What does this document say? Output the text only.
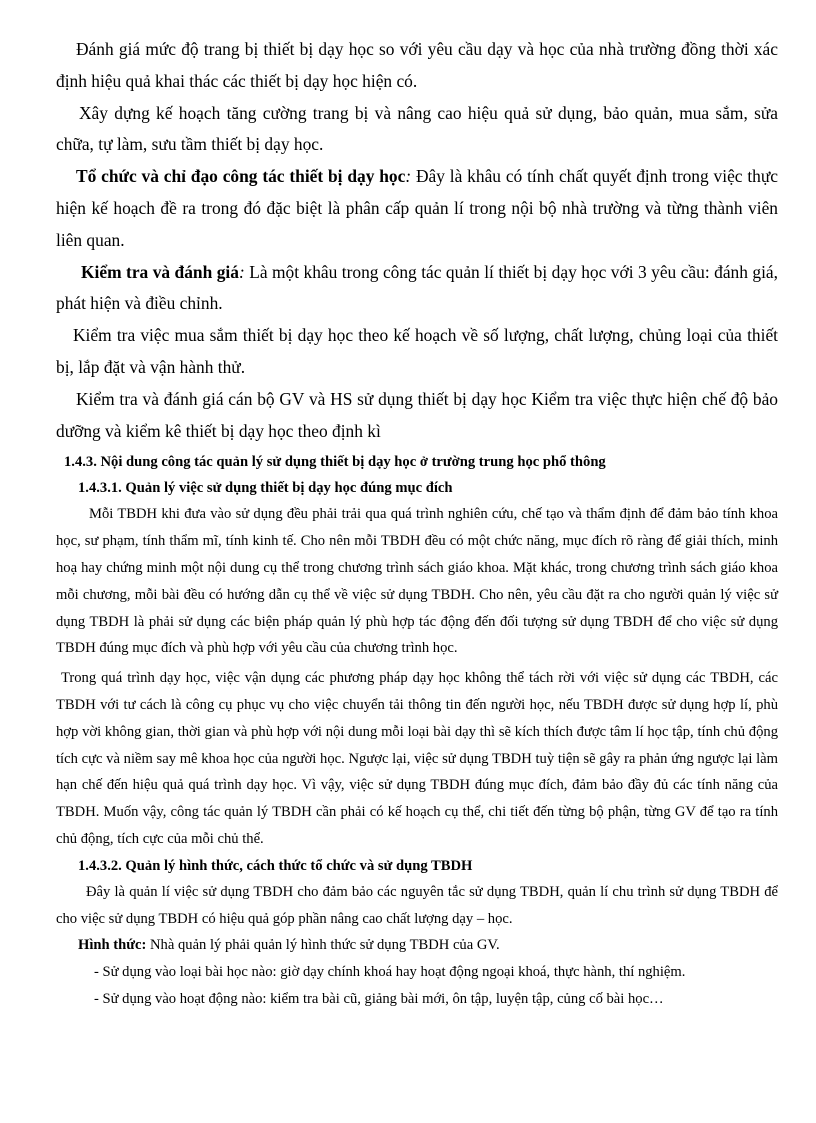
Đánh giá mức độ trang bị thiết bị dạy học so với yêu cầu dạy và học của nhà trường đồng thời xác định hiệu quả khai thác các thiết bị dạy học hiện có.

Xây dựng kế hoạch tăng cường trang bị và nâng cao hiệu quả sử dụng, bảo quản, mua sắm, sửa chữa, tự làm, sưu tầm thiết bị dạy học.

Tổ chức và chỉ đạo công tác thiết bị dạy học: Đây là khâu có tính chất quyết định trong việc thực hiện kế hoạch đề ra trong đó đặc biệt là phân cấp quản lí trong nội bộ nhà trường và từng thành viên liên quan.

Kiểm tra và đánh giá: Là một khâu trong công tác quản lí thiết bị dạy học với 3 yêu cầu: đánh giá, phát hiện và điều chỉnh.

Kiểm tra việc mua sắm thiết bị dạy học theo kế hoạch về số lượng, chất lượng, chủng loại của thiết bị, lắp đặt và vận hành thử.

Kiểm tra và đánh giá cán bộ GV và HS sử dụng thiết bị dạy học Kiểm tra việc thực hiện chế độ bảo dưỡng và kiểm kê thiết bị dạy học theo định kì

1.4.3. Nội dung công tác quản lý sử dụng thiết bị dạy học ở trường trung học phổ thông

1.4.3.1. Quản lý việc sử dụng thiết bị dạy học đúng mục đích

Mỗi TBDH khi đưa vào sử dụng đều phải trải qua quá trình nghiên cứu, chế tạo và thẩm định để đảm bảo tính khoa học, sư phạm, tính thẩm mĩ, tính kinh tế. Cho nên mỗi TBDH đều có một chức năng, mục đích rõ ràng để giải thích, minh hoạ hay chứng minh một nội dung cụ thể trong chương trình sách giáo khoa. Mặt khác, trong chương trình sách giáo khoa mỗi chương, mỗi bài đều có hướng dẫn cụ thể về việc sử dụng TBDH. Cho nên, yêu cầu đặt ra cho người quản lý việc sử dụng TBDH là phải sử dụng các biện pháp quản lý phù hợp tác động đến đối tượng sử dụng TBDH để cho việc sử dụng TBDH đúng mục đích và phù hợp với yêu cầu của chương trình học.

Trong quá trình dạy học, việc vận dụng các phương pháp dạy học không thể tách rời với việc sử dụng các TBDH, các TBDH với tư cách là công cụ phục vụ cho việc chuyển tải thông tin đến người học, nếu TBDH được sử dụng hợp lí, phù hợp vời không gian, thời gian và phù hợp với nội dung mỗi loại bài dạy thì sẽ kích thích được tâm lí học tập, tính chủ động tích cực và niềm say mê khoa học của người học. Ngược lại, việc sử dụng TBDH tuỳ tiện sẽ gây ra phản ứng ngược lại làm hạn chế đến hiệu quả quá trình dạy học. Vì vậy, việc sử dụng TBDH đúng mục đích, đảm bảo đầy đủ các tính năng của TBDH. Muốn vậy, công tác quản lý TBDH cần phải có kế hoạch cụ thể, chi tiết đến từng bộ phận, từng GV để tạo ra tính chủ động, tích cực của mỗi chủ thể.

1.4.3.2. Quản lý hình thức, cách thức tổ chức và sử dụng TBDH

Đây là quản lí việc sử dụng TBDH cho đảm bảo các nguyên tắc sử dụng TBDH, quản lí chu trình sử dụng TBDH để cho việc sử dụng TBDH có hiệu quả góp phần nâng cao chất lượng dạy – học.

Hình thức: Nhà quản lý phải quản lý hình thức sử dụng TBDH của GV.

- Sử dụng vào loại bài học nào: giờ dạy chính khoá hay hoạt động ngoại khoá, thực hành, thí nghiệm.

- Sử dụng vào hoạt động nào: kiểm tra bài cũ, giảng bài mới, ôn tập, luyện tập, củng cố bài học…
